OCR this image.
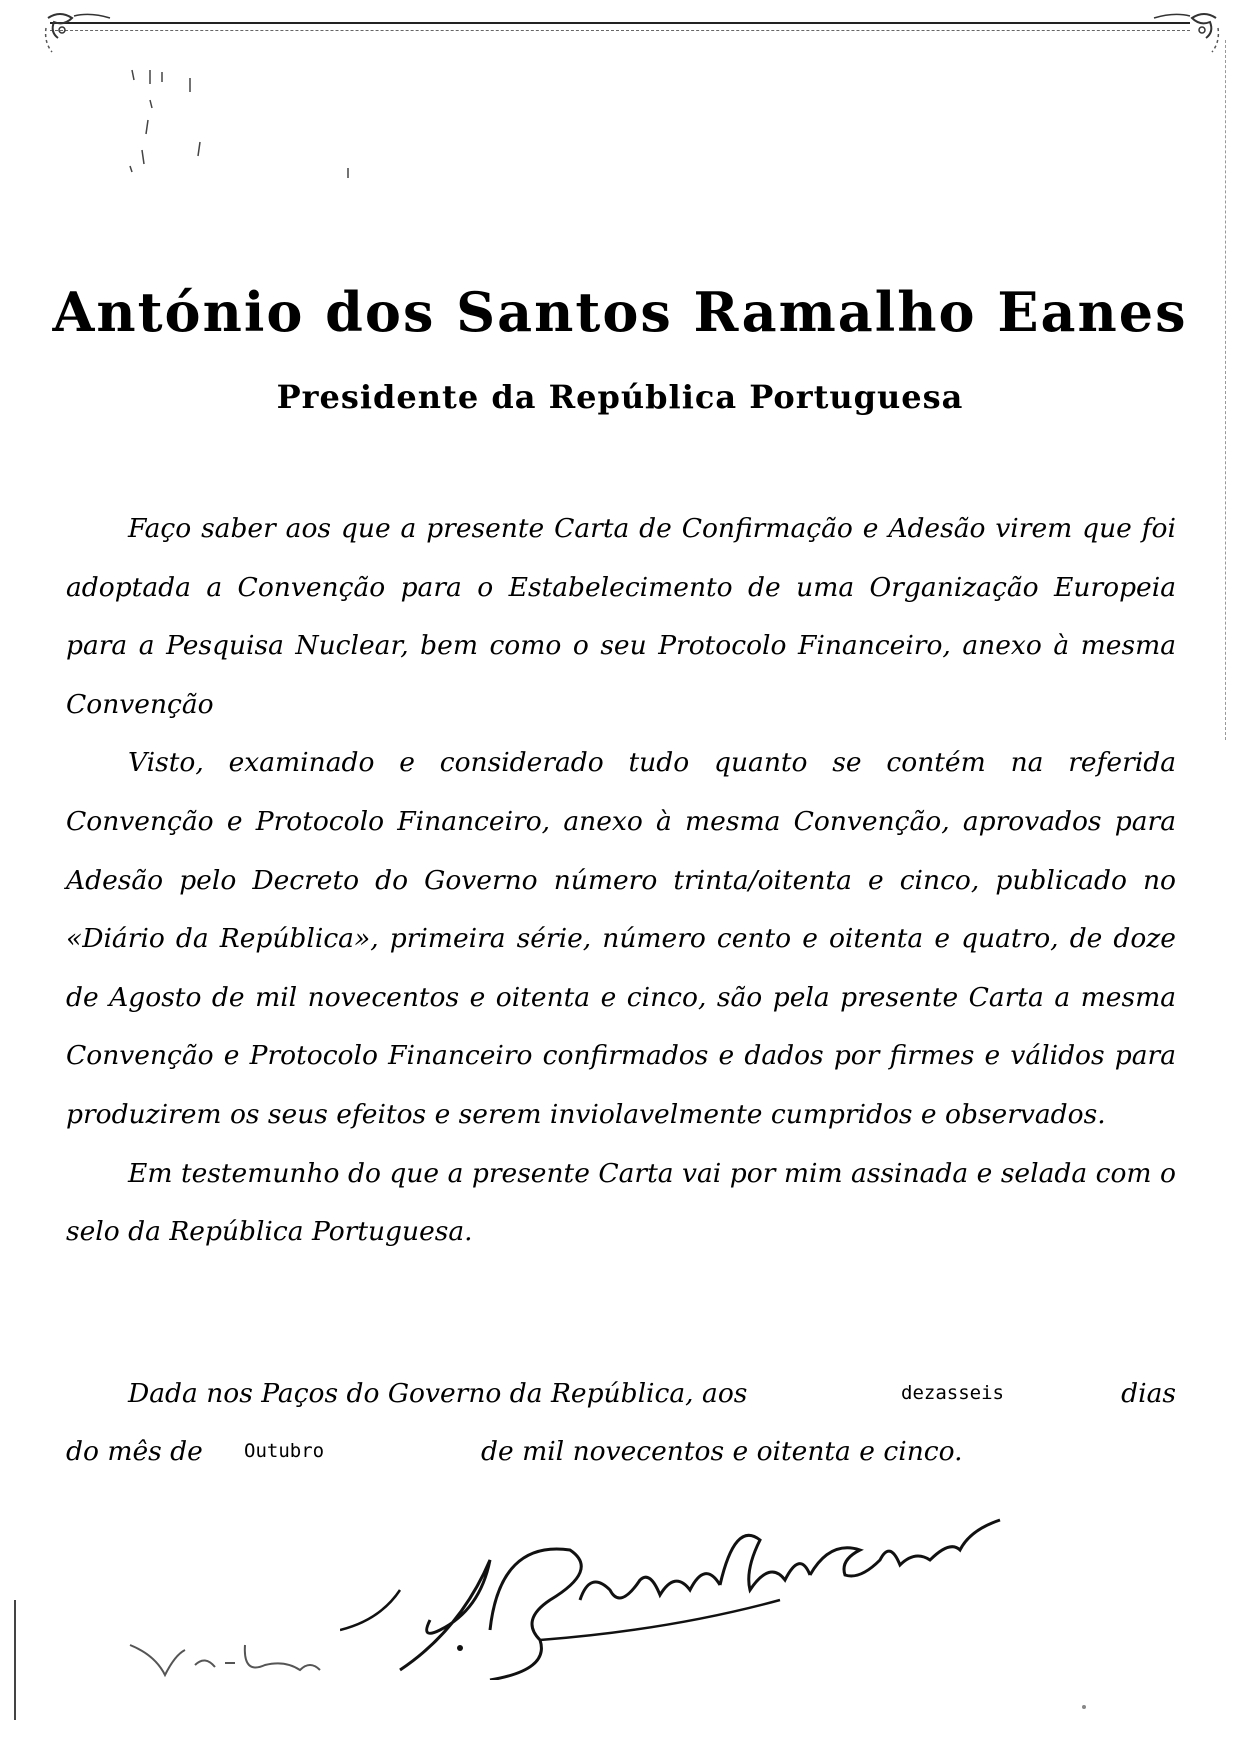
António dos Santos Ramalho Eanes
Presidente da República Portuguesa

Faço saber aos que a presente Carta de Confirmação e Adesão virem que foi adoptada a Convenção para o Estabelecimento de uma Organização Europeia para a Pesquisa Nuclear, bem como o seu Protocolo Financeiro, anexo à mesma Convenção

Visto, examinado e considerado tudo quanto se contém na referida Convenção e Protocolo Financeiro, anexo à mesma Convenção, aprovados para Adesão pelo Decreto do Governo número trinta/oitenta e cinco, publicado no «Diário da República», primeira série, número cento e oitenta e quatro, de doze de Agosto de mil novecentos e oitenta e cinco, são pela presente Carta a mesma Convenção e Protocolo Financeiro confirmados e dados por firmes e válidos para produzirem os seus efeitos e serem inviolavelmente cumpridos e observados.

Em testemunho do que a presente Carta vai por mim assinada e selada com o selo da República Portuguesa.

Dada nos Paços do Governo da República, aos	dezasseis	dias
do mês de Outubro	de mil novecentos e oitenta e cinco.
